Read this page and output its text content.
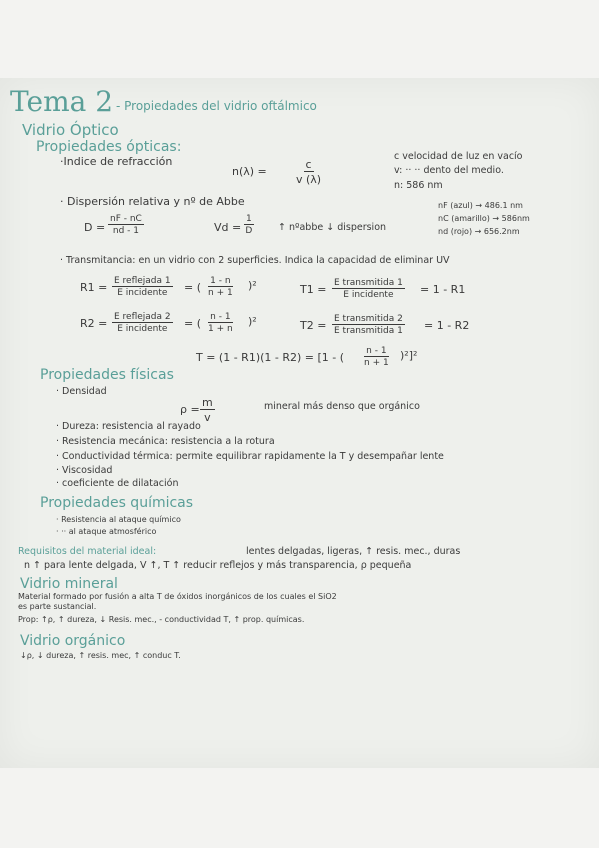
Tema 2 - Propiedades del vidrio oftálmico
Vidrio Óptico
Propiedades ópticas:
·Indice de refracción
n(λ) =	$\frac{c}{v (\lambda)}$
c velocidad de luz en vacío
v: ·· ·· dento del medio.
n: 586 nm
· Dispersión relativa y nº de Abbe
$D = \frac{nF - nC}{nd - 1}$	$Vd = \frac{1}{D}$	↑ nºabbe ↓ dispersion
nF (azul) → 486.1 nm
nC (amarillo) → 586nm
nd (rojo) → 656.2nm
· Transmitancia: en un vidrio con 2 superficies. Indica la capacidad de eliminar UV
R1 = E reflejada 1
E incidente = ( $\frac{1 - n}{n + 1} )^2$	T1 = E transmitida 1
E incidente = 1 - R1
R2 = E reflejada 2
E incidente = ( $\frac{n - 1}{1 + n} )^2$	T2 = E transmitida 2
E transmitida 1 = 1 - R2
T = (1 - R1)(1 - R2) = [1 - ( $\frac{n - 1}{n + 1} )^2]^2$
Propiedades físicas
· Densidad
$\rho = \frac{m}{v}$	mineral más denso que orgánico
· Dureza: resistencia al rayado
· Resistencia mecánica: resistencia a la rotura
· Conductividad térmica: permite equilibrar rapidamente la T y desempañar lente
· Viscosidad
· coeficiente de dilatación
Propiedades químicas
· Resistencia al ataque químico
· ·· al ataque atmosférico
Requisitos del material ideal:	lentes delgadas, ligeras, ↑ resis. mec., duras
n ↑ para lente delgada, V ↑, T ↑ reducir reflejos y más transparencia, ρ pequeña
Vidrio mineral
Material formado por fusión a alta T de óxidos inorgánicos de los cuales el SiO2
es parte sustancial.
Prop: ↑ρ, ↑ dureza, ↓ Resis. mec., - conductividad T, ↑ prop. químicas.
Vidrio orgánico
↓ρ, ↓ dureza, ↑ resis. mec, ↑ conduc T.
